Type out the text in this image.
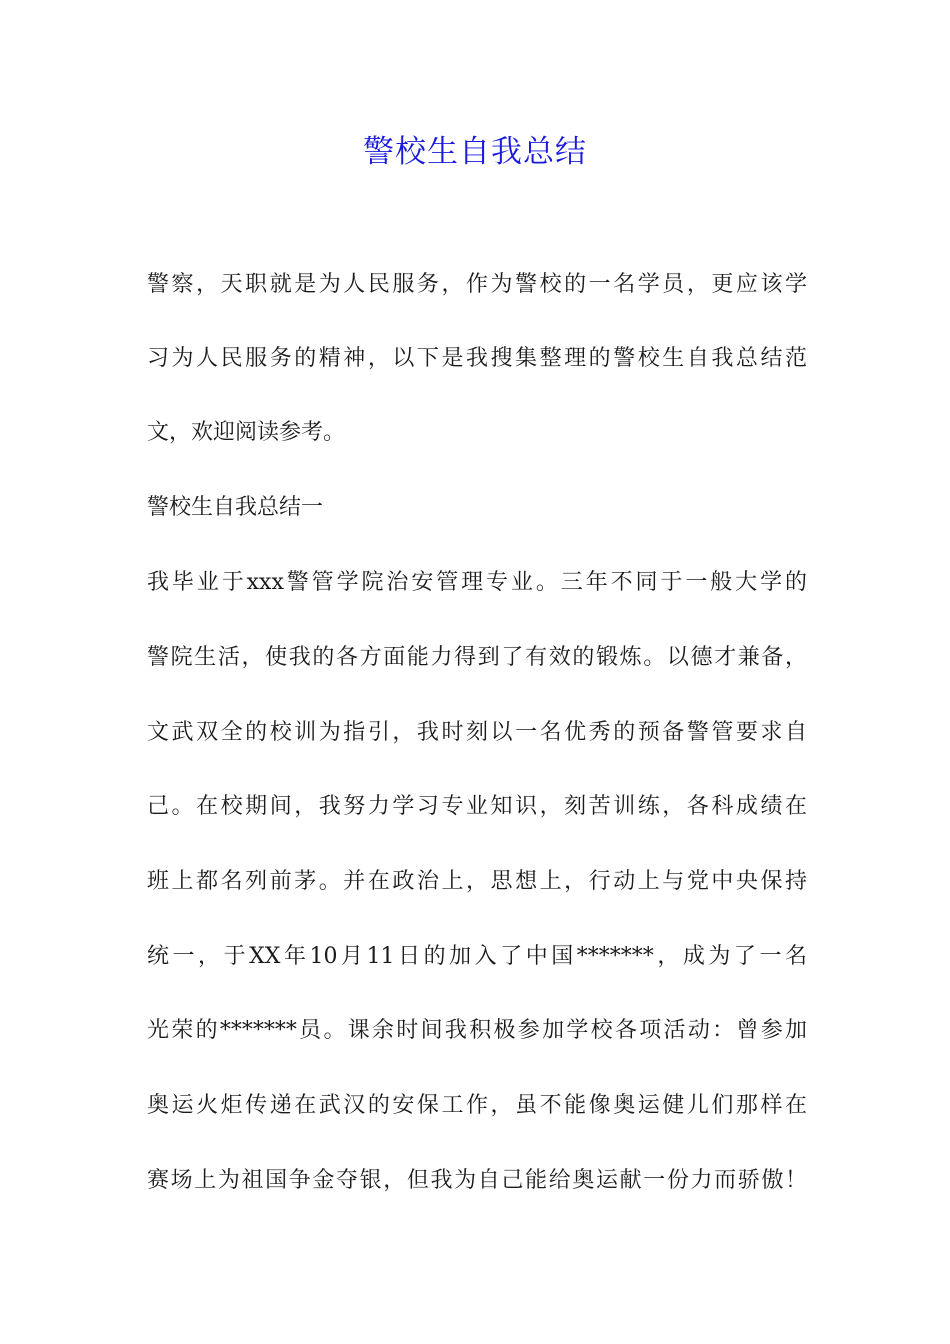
警校生自我总结
警察，天职就是为人民服务，作为警校的一名学员，更应该学
习为人民服务的精神，以下是我搜集整理的警校生自我总结范
文，欢迎阅读参考。
警校生自我总结一
我毕业于xxx警管学院治安管理专业。三年不同于一般大学的
警院生活，使我的各方面能力得到了有效的锻炼。以德才兼备，
文武双全的校训为指引，我时刻以一名优秀的预备警管要求自
己。在校期间，我努力学习专业知识，刻苦训练，各科成绩在
班上都名列前茅。并在政治上，思想上，行动上与党中央保持
统一，于XX年10月11日的加入了中国*******，成为了一名
光荣的*******员。课余时间我积极参加学校各项活动：曾参加
奥运火炬传递在武汉的安保工作，虽不能像奥运健儿们那样在
赛场上为祖国争金夺银，但我为自己能给奥运献一份力而骄傲！
